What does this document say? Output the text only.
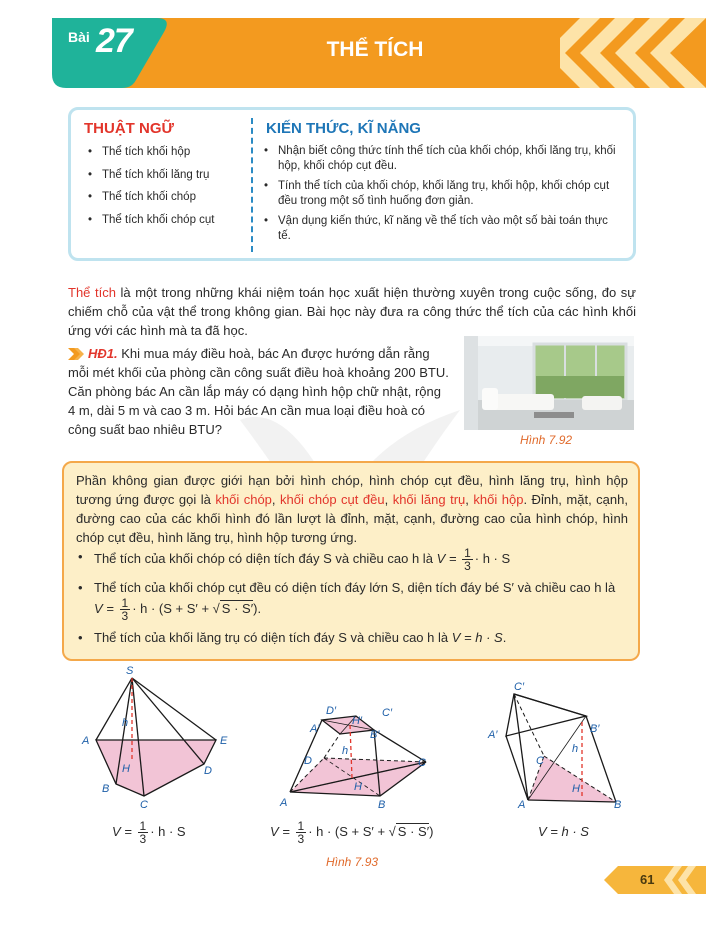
Bài 27	THỂ TÍCH
THUẬT NGỮ
• Thể tích khối hộp
• Thể tích khối lăng trụ
• Thể tích khối chóp
• Thể tích khối chóp cụt
KIẾN THỨC, KĨ NĂNG
• Nhận biết công thức tính thể tích của khối chóp, khối lăng trụ, khối hộp, khối chóp cụt đều.
• Tính thể tích của khối chóp, khối lăng trụ, khối hộp, khối chóp cụt đều trong một số tình huống đơn giản.
• Vận dụng kiến thức, kĩ năng về thể tích vào một số bài toán thực tế.
Thể tích là một trong những khái niệm toán học xuất hiện thường xuyên trong cuộc sống, đo sự chiếm chỗ của vật thể trong không gian. Bài học này đưa ra công thức thể tích của các hình khối ứng với các hình mà ta đã học.
HĐ1. Khi mua máy điều hoà, bác An được hướng dẫn rằng mỗi mét khối của phòng cần công suất điều hoà khoảng 200 BTU. Căn phòng bác An cần lắp máy có dạng hình hộp chữ nhật, rộng 4 m, dài 5 m và cao 3 m. Hỏi bác An cần mua loại điều hoà có công suất bao nhiêu BTU?
Hình 7.92
Phần không gian được giới hạn bởi hình chóp, hình chóp cụt đều, hình lăng trụ, hình hộp tương ứng được gọi là khối chóp, khối chóp cụt đều, khối lăng trụ, khối hộp. Đỉnh, mặt, cạnh, đường cao của các khối hình đó lần lượt là đỉnh, mặt, cạnh, đường cao của hình chóp, hình chóp cụt đều, hình lăng trụ, hình hộp tương ứng.
• Thể tích của khối chóp có diện tích đáy S và chiều cao h là $V = \frac{1}{3} \cdot h \cdot S$
• Thể tích của khối chóp cụt đều có diện tích đáy lớn S, diện tích đáy bé S′ và chiều cao h là
$V = \frac{1}{3} \cdot h \cdot (S + S'$ + √ S · S′).
• Thể tích của khối lăng trụ có diện tích đáy S và chiều cao h là V = h · S.
S
A
B
C
D
E
H
h
$V = \frac{1}{3} \cdot h \cdot S$
D′	C′
A′	B′
H′
h
H
D	C
A	B
$V = \frac{1}{3} \cdot h \cdot (S + S'$ + √ S · S′)
Hình 7.93
C′
A′	B′
C
h
H
A	B
V = h · S
61
